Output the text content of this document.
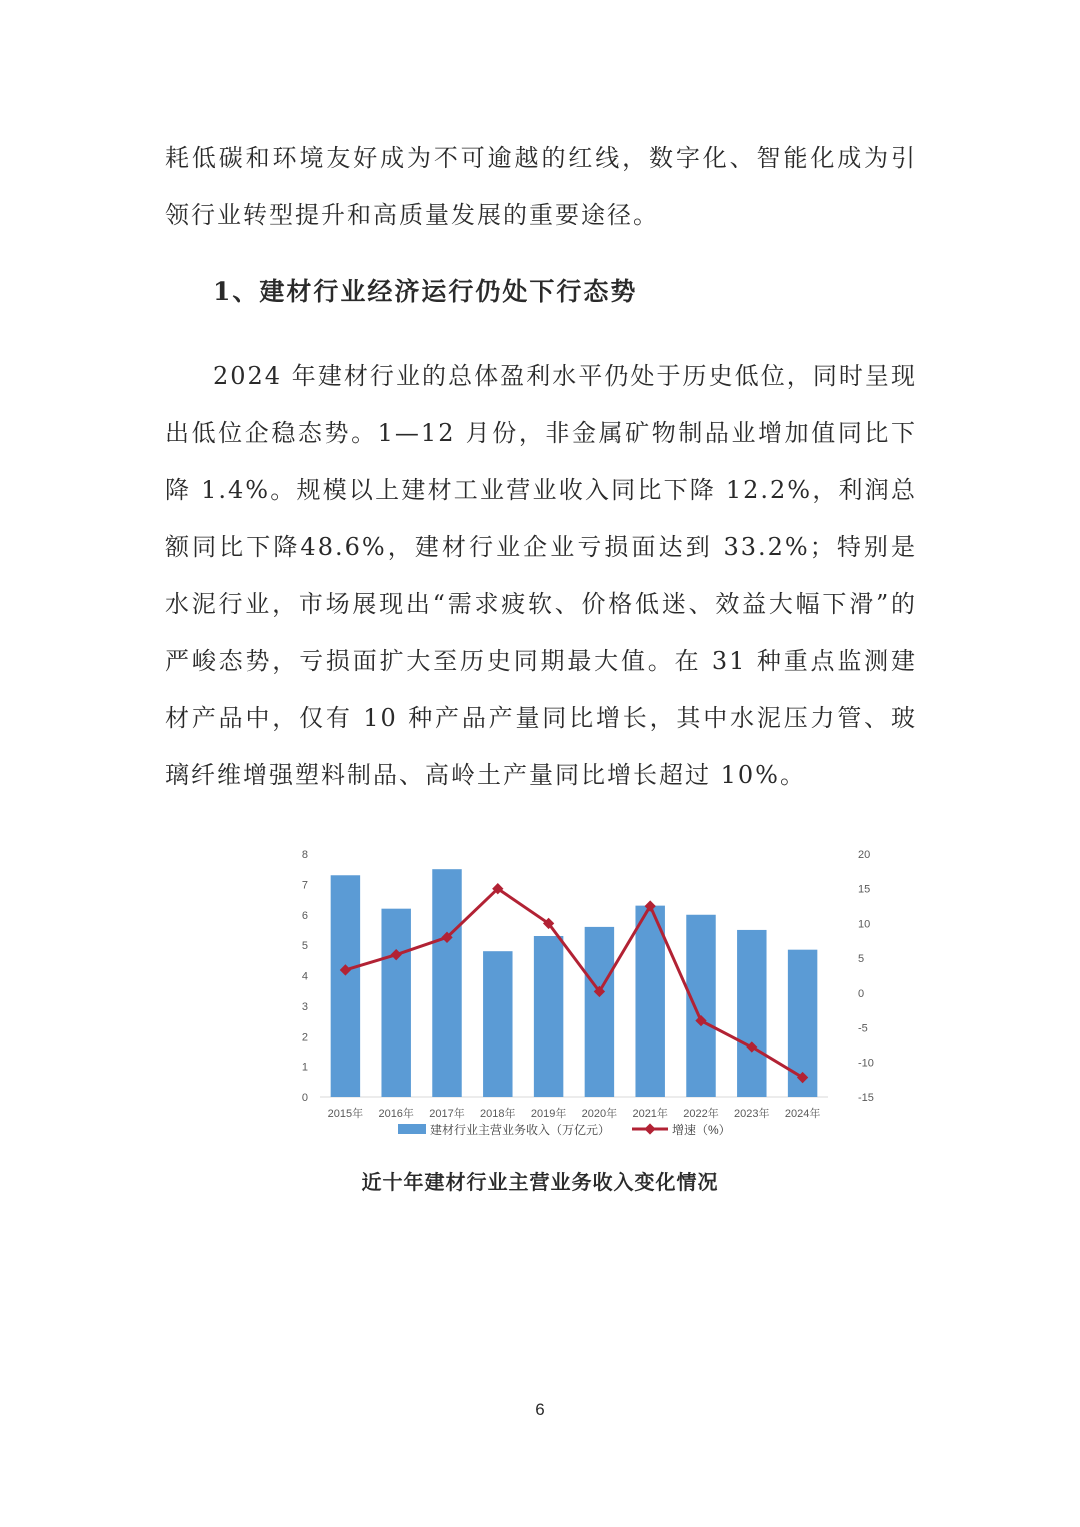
耗低碳和环境友好成为不可逾越的红线，数字化、智能化成为引领行业转型提升和高质量发展的重要途径。

1、建材行业经济运行仍处下行态势

2024 年建材行业的总体盈利水平仍处于历史低位，同时呈现出低位企稳态势。1—12 月份，非金属矿物制品业增加值同比下降 1.4%。规模以上建材工业营业收入同比下降 12.2%，利润总额同比下降48.6%，建材行业企业亏损面达到 33.2%；特别是水泥行业，市场展现出“需求疲软、价格低迷、效益大幅下滑”的严峻态势，亏损面扩大至历史同期最大值。在 31 种重点监测建材产品中，仅有 10 种产品产量同比增长，其中水泥压力管、玻璃纤维增强塑料制品、高岭土产量同比增长超过 10%。

0
1
2
3
4
5
6
7
8
-15
-10
-5
0
5
10
15
20
2015年 2016年 2017年 2018年 2019年 2020年 2021年 2022年 2023年 2024年
建材行业主营业务收入（万亿元）	增速（%）
近十年建材行业主营业务收入变化情况
6
